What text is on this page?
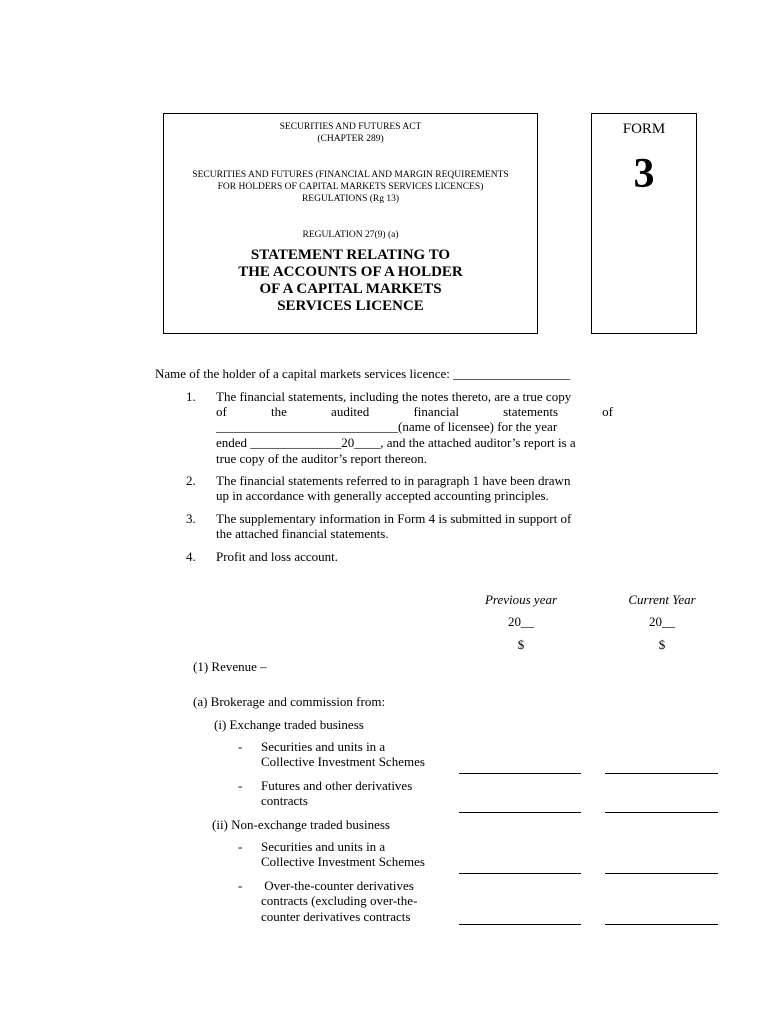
SECURITIES AND FUTURES ACT
(CHAPTER 289)
SECURITIES AND FUTURES (FINANCIAL AND MARGIN REQUIREMENTS
FOR HOLDERS OF CAPITAL MARKETS SERVICES LICENCES)
REGULATIONS (Rg 13)
REGULATION 27(9) (a)
STATEMENT RELATING TO
THE ACCOUNTS OF A HOLDER
OF A CAPITAL MARKETS
SERVICES LICENCE
FORM
3
Name of the holder of a capital markets services licence: __________________
1. The financial statements, including the notes thereto, are a true copy
of the audited financial statements of
____________________________(name of licensee) for the year
ended ______________20____, and the attached auditor’s report is a
true copy of the auditor’s report thereon.
2. The financial statements referred to in paragraph 1 have been drawn
up in accordance with generally accepted accounting principles.
3. The supplementary information in Form 4 is submitted in support of
the attached financial statements.
4. Profit and loss account.
Previous year	Current Year
20__	20__
$	$
(1) Revenue –
(a) Brokerage and commission from:
(i) Exchange traded business
- Securities and units in a
Collective Investment Schemes
- Futures and other derivatives
contracts
(ii) Non-exchange traded business
- Securities and units in a
Collective Investment Schemes
- Over-the-counter derivatives
contracts (excluding over-the-
counter derivatives contracts
